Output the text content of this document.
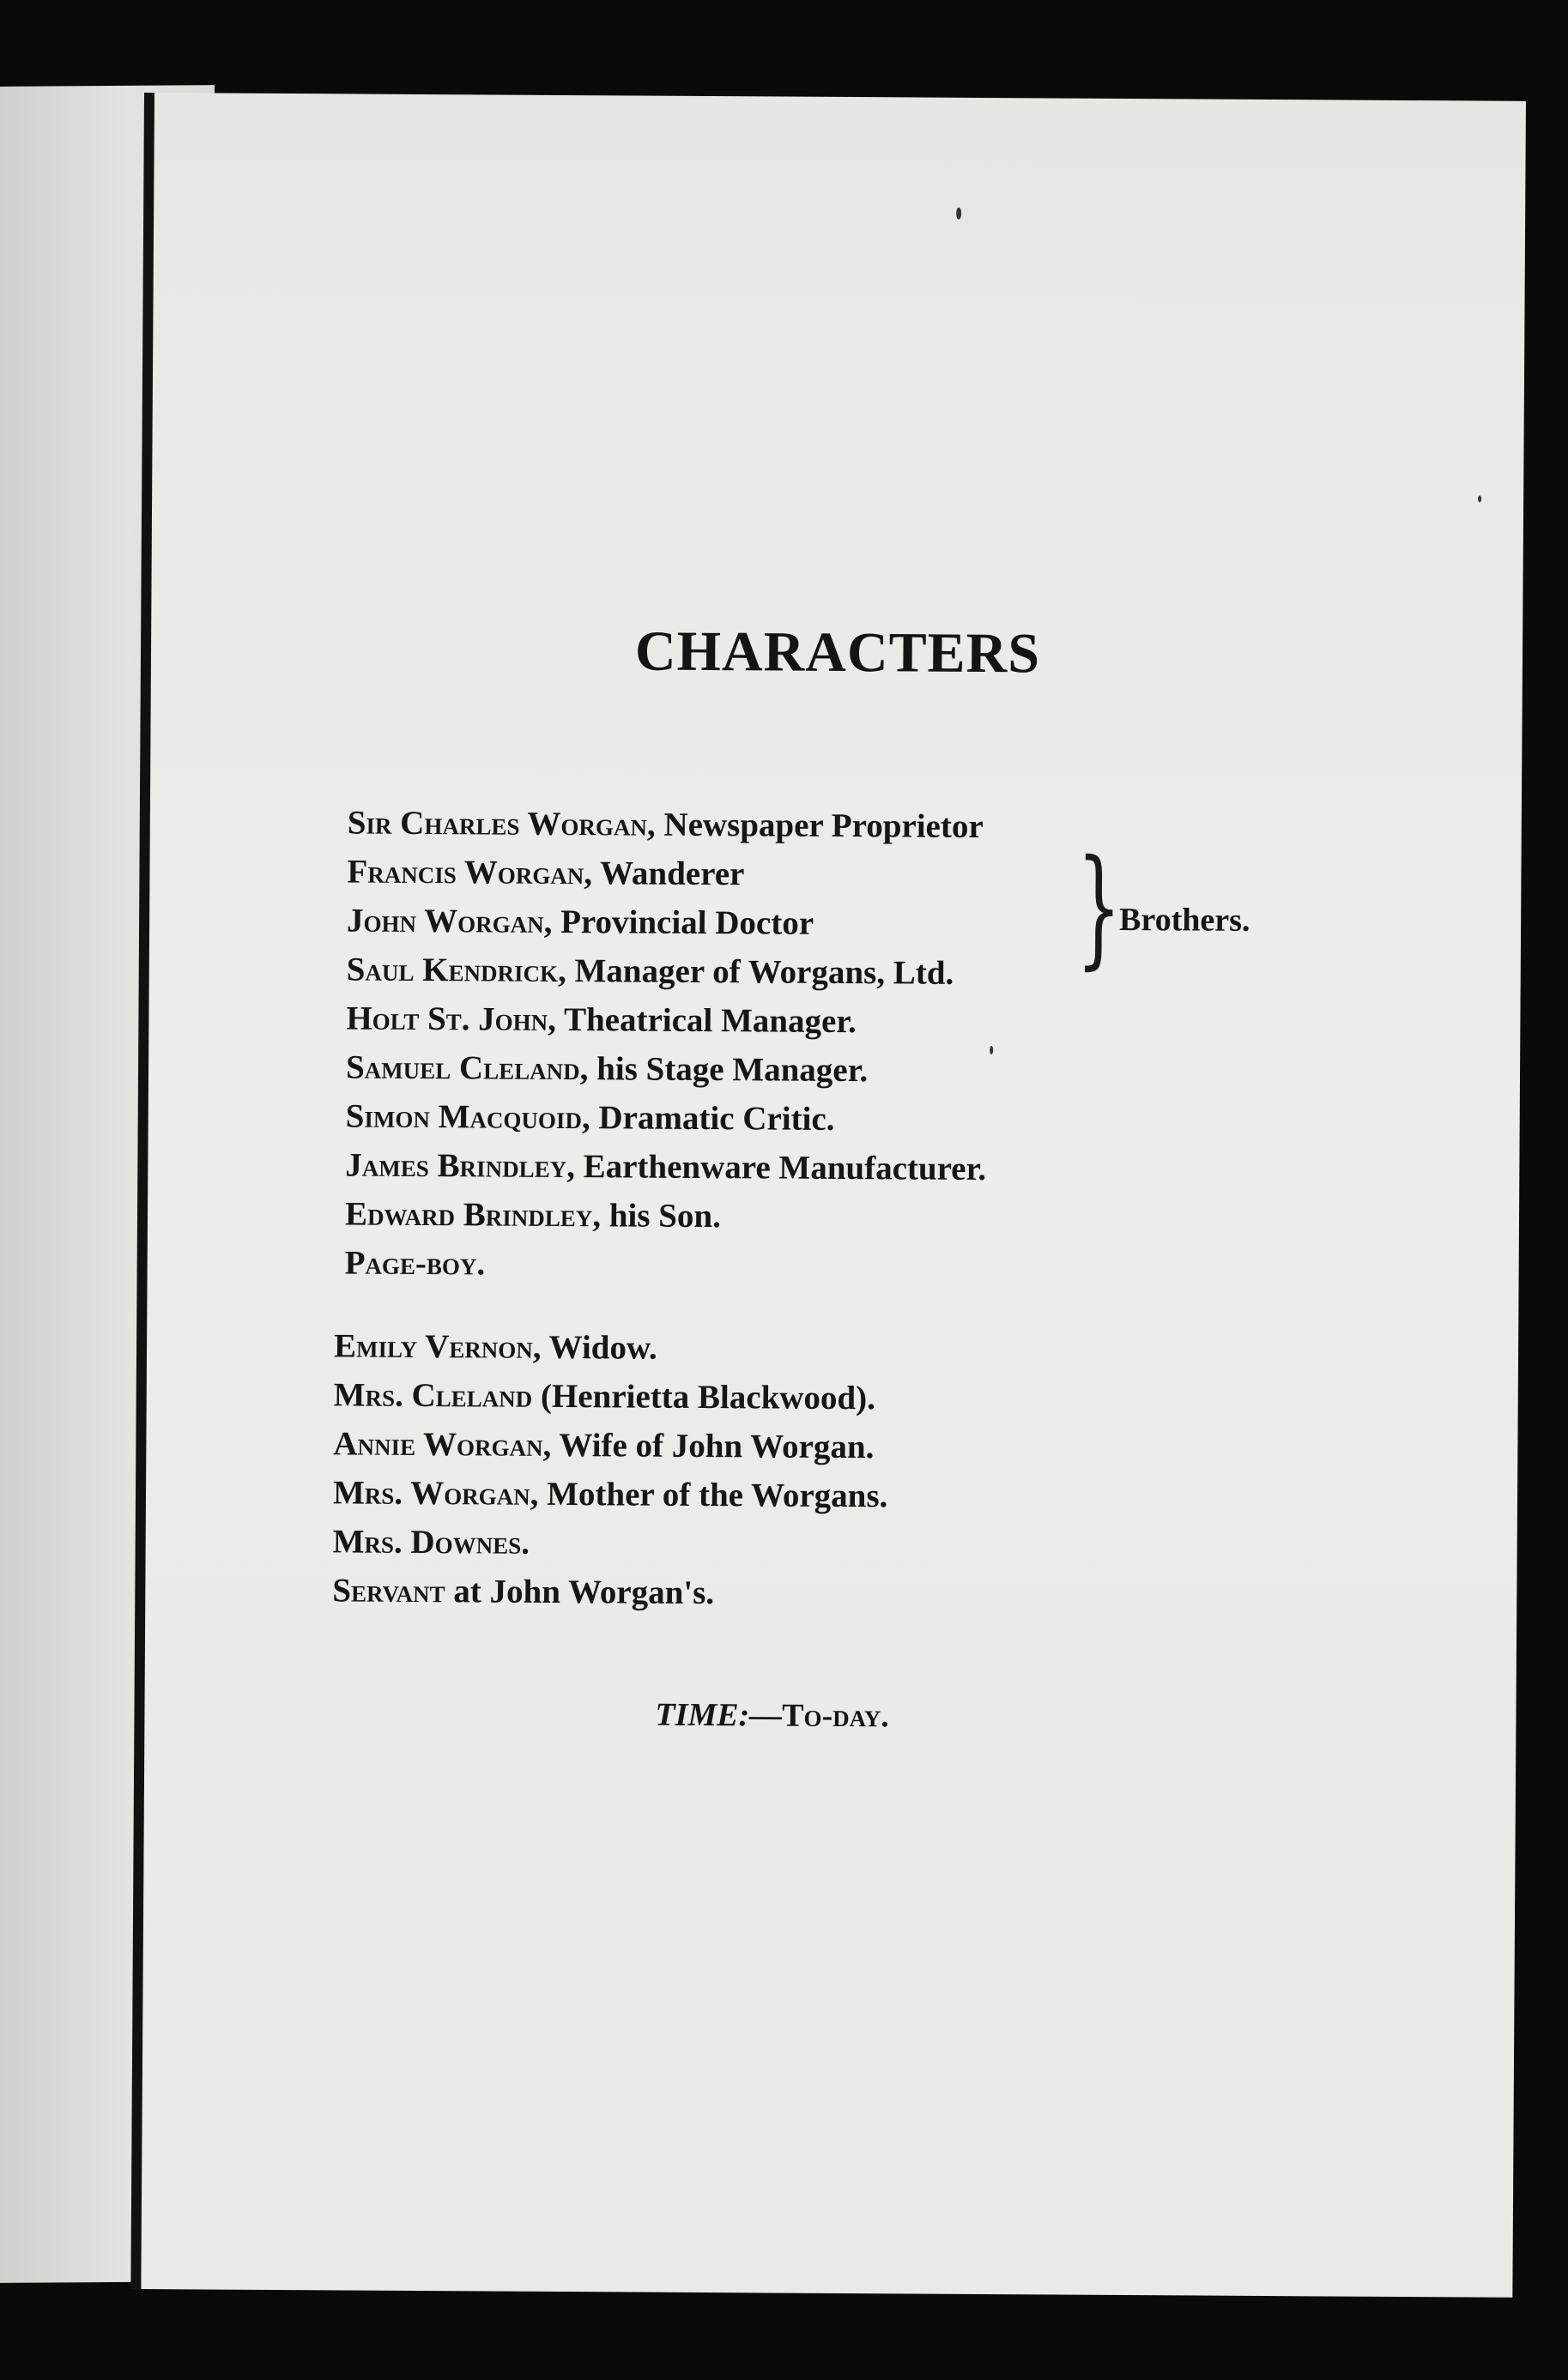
CHARACTERS
Sir Charles Worgan, Newspaper Proprietor
Francis Worgan, Wanderer
John Worgan, Provincial Doctor
Saul Kendrick, Manager of Worgans, Ltd.
Holt St. John, Theatrical Manager.
Samuel Cleland, his Stage Manager.
Simon Macquoid, Dramatic Critic.
James Brindley, Earthenware Manufacturer.
Edward Brindley, his Son.
Page-boy.
}
Brothers.
Emily Vernon, Widow.
Mrs. Cleland (Henrietta Blackwood).
Annie Worgan, Wife of John Worgan.
Mrs. Worgan, Mother of the Worgans.
Mrs. Downes.
Servant at John Worgan's.
TIME:—To-day.
